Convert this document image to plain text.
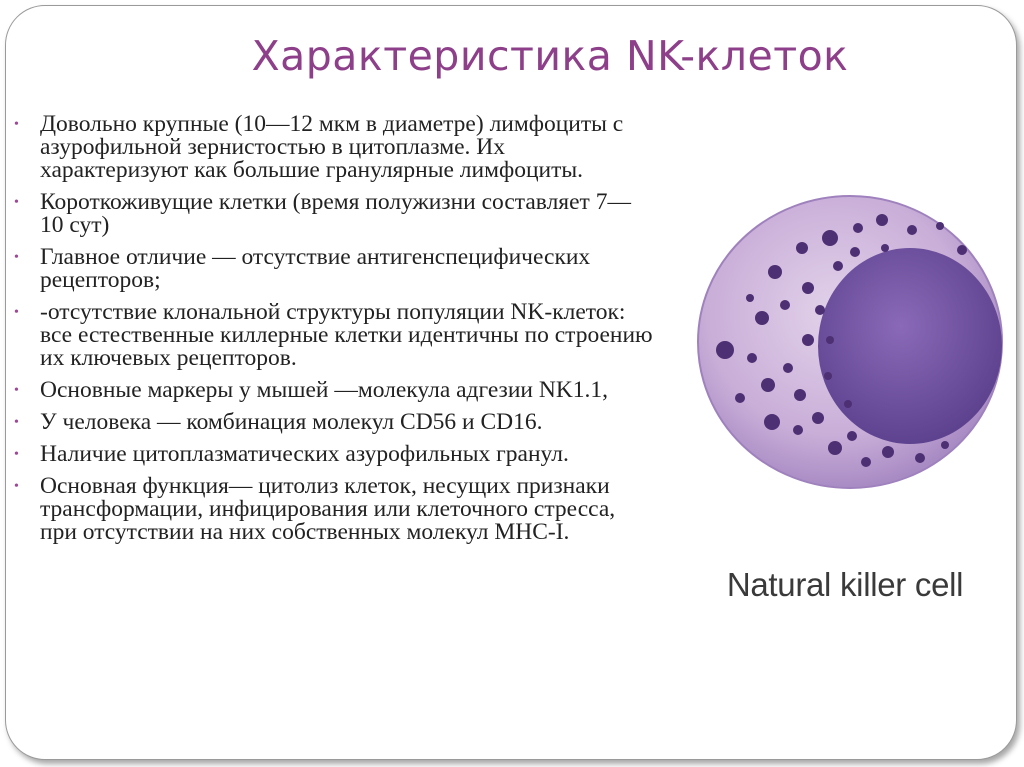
Характеристика NK-клеток
• Довольно крупные (10—12 мкм в диаметре) лимфоциты с азурофильной зернистостью в цитоплазме. Их характеризуют как большие гранулярные лимфоциты.
• Короткоживущие клетки (время полужизни составляет 7—10 сут)
• Главное отличие — отсутствие антигенспецифических рецепторов;
• -отсутствие клональной структуры популяции NK-клеток: все естественные киллерные клетки идентичны по строению их ключевых рецепторов.
• Основные маркеры у мышей —молекула адгезии NK1.1,
• У человека — комбинация молекул CD56 и CD16.
• Наличие цитоплазматических азурофильных гранул.
• Основная функция— цитолиз клеток, несущих признаки трансформации, инфицирования или клеточного стресса, при отсутствии на них собственных молекул MHC-I.
Natural killer cell
